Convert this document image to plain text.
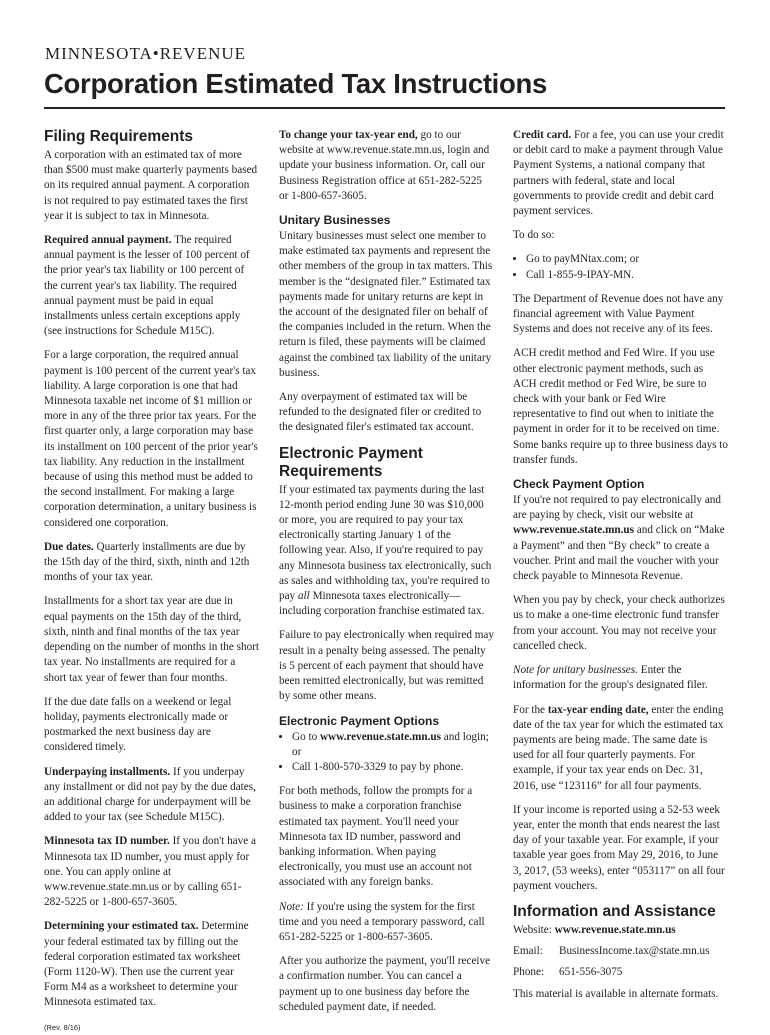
MINNESOTA•REVENUE
Corporation Estimated Tax Instructions
Filing Requirements

A corporation with an estimated tax of more than $500 must make quarterly payments based on its required annual payment. A corporation is not required to pay estimated taxes the first year it is subject to tax in Minnesota.

Required annual payment. The required annual payment is the lesser of 100 percent of the prior year's tax liability or 100 percent of the current year's tax liability. The required annual payment must be paid in equal installments unless certain exceptions apply (see instructions for Schedule M15C).

For a large corporation, the required annual payment is 100 percent of the current year's tax liability. A large corporation is one that had Minnesota taxable net income of $1 million or more in any of the three prior tax years. For the first quarter only, a large corporation may base its installment on 100 percent of the prior year's tax liability. Any reduction in the installment because of using this method must be added to the second installment. For making a large corporation determination, a unitary business is considered one corporation.

Due dates. Quarterly installments are due by the 15th day of the third, sixth, ninth and 12th months of your tax year.

Installments for a short tax year are due in equal payments on the 15th day of the third, sixth, ninth and final months of the tax year depending on the number of months in the short tax year. No installments are required for a short tax year of fewer than four months.

If the due date falls on a weekend or legal holiday, payments electronically made or postmarked the next business day are considered timely.

Underpaying installments. If you underpay any installment or did not pay by the due dates, an additional charge for underpayment will be added to your tax (see Schedule M15C).

Minnesota tax ID number. If you don't have a Minnesota tax ID number, you must apply for one. You can apply online at www.revenue.state.mn.us or by calling 651-282-5225 or 1-800-657-3605.

Determining your estimated tax. Determine your federal estimated tax by filling out the federal corporation estimated tax worksheet (Form 1120-W). Then use the current year Form M4 as a worksheet to determine your Minnesota estimated tax.

(Rev. 8/16)

To change your tax-year end, go to our website at www.revenue.state.mn.us, login and update your business information. Or, call our Business Registration office at 651-282-5225 or 1-800-657-3605.

Unitary Businesses

Unitary businesses must select one member to make estimated tax payments and represent the other members of the group in tax matters. This member is the “designated filer.” Estimated tax payments made for unitary returns are kept in the account of the designated filer on behalf of the companies included in the return. When the return is filed, these payments will be claimed against the combined tax liability of the unitary business.

Any overpayment of estimated tax will be refunded to the designated filer or credited to the designated filer's estimated tax account.

Electronic Payment Requirements

If your estimated tax payments during the last 12-month period ending June 30 was $10,000 or more, you are required to pay your tax electronically starting January 1 of the following year. Also, if you're required to pay any Minnesota business tax electronically, such as sales and withholding tax, you're required to pay all Minnesota taxes electronically—including corporation franchise estimated tax.

Failure to pay electronically when required may result in a penalty being assessed. The penalty is 5 percent of each payment that should have been remitted electronically, but was remitted by some other means.

Electronic Payment Options
• Go to www.revenue.state.mn.us and login; or
• Call 1-800-570-3329 to pay by phone.

For both methods, follow the prompts for a business to make a corporation franchise estimated tax payment. You'll need your Minnesota tax ID number, password and banking information. When paying electronically, you must use an account not associated with any foreign banks.

Note: If you're using the system for the first time and you need a temporary password, call 651-282-5225 or 1-800-657-3605.

After you authorize the payment, you'll receive a confirmation number. You can cancel a payment up to one business day before the scheduled payment date, if needed.

Credit card. For a fee, you can use your credit or debit card to make a payment through Value Payment Systems, a national company that partners with federal, state and local governments to provide credit and debit card payment services.

To do so:

• Go to payMNtax.com; or
• Call 1-855-9-IPAY-MN.

The Department of Revenue does not have any financial agreement with Value Payment Systems and does not receive any of its fees.

ACH credit method and Fed Wire. If you use other electronic payment methods, such as ACH credit method or Fed Wire, be sure to check with your bank or Fed Wire representative to find out when to initiate the payment in order for it to be received on time. Some banks require up to three business days to transfer funds.

Check Payment Option

If you're not required to pay electronically and are paying by check, visit our website at www.revenue.state.mn.us and click on “Make a Payment” and then “By check” to create a voucher. Print and mail the voucher with your check payable to Minnesota Revenue.

When you pay by check, your check authorizes us to make a one-time electronic fund transfer from your account. You may not receive your cancelled check.

Note for unitary businesses. Enter the information for the group's designated filer.

For the tax-year ending date, enter the ending date of the tax year for which the estimated tax payments are being made. The same date is used for all four quarterly payments. For example, if your tax year ends on Dec. 31, 2016, use “123116” for all four payments.

If your income is reported using a 52-53 week year, enter the month that ends nearest the last day of your taxable year. For example, if your taxable year goes from May 29, 2016, to June 3, 2017, (53 weeks), enter “053117” on all four payment vouchers.

Information and Assistance
Website: www.revenue.state.mn.us
Email: BusinessIncome.tax@state.mn.us
Phone: 651-556-3075

This material is available in alternate formats.
